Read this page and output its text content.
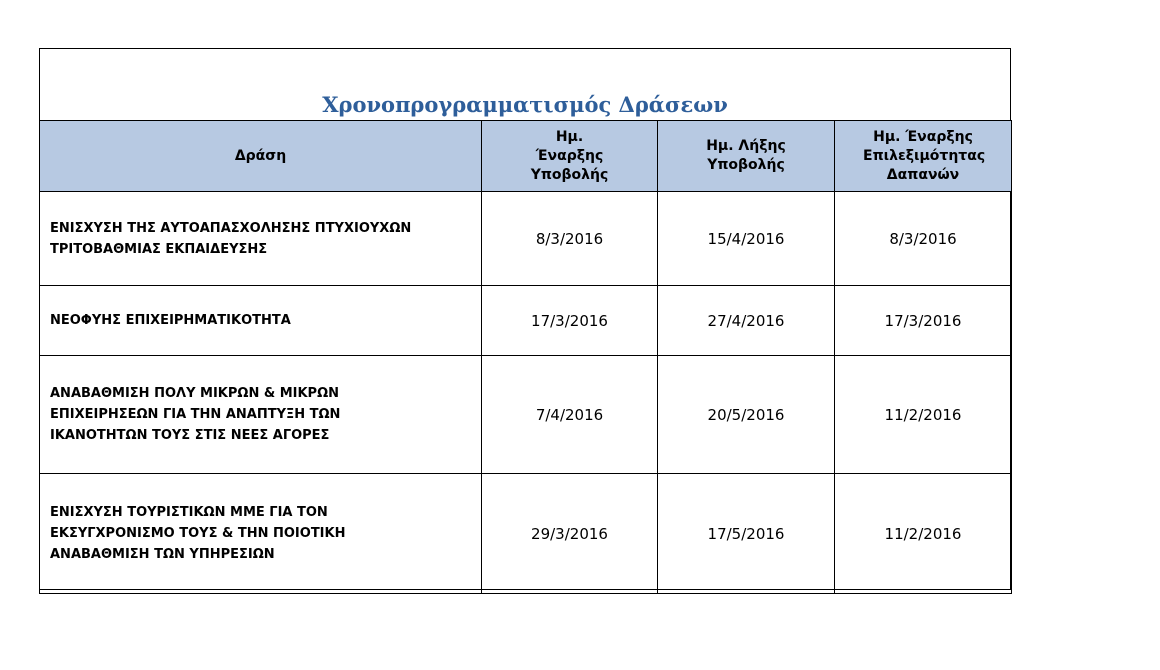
Χρονοπρογραμματισμός Δράσεων
Δράση	Ημ. Έναρξης Υποβολής	Ημ. Λήξης Υποβολής	Ημ. Έναρξης Επιλεξιμότητας Δαπανών

ΕΝΙΣΧΥΣΗ ΤΗΣ ΑΥΤΟΑΠΑΣΧΟΛΗΣΗΣ ΠΤΥΧΙΟΥΧΩΝ ΤΡΙΤΟΒΑΘΜΙΑΣ ΕΚΠΑΙΔΕΥΣΗΣ	8/3/2016	15/4/2016	8/3/2016

ΝΕΟΦΥΗΣ ΕΠΙΧΕΙΡΗΜΑΤΙΚΟΤΗΤΑ	17/3/2016	27/4/2016	17/3/2016

ΑΝΑΒΑΘΜΙΣΗ ΠΟΛΥ ΜΙΚΡΩΝ & ΜΙΚΡΩΝ ΕΠΙΧΕΙΡΗΣΕΩΝ ΓΙΑ ΤΗΝ ΑΝΑΠΤΥΞΗ ΤΩΝ ΙΚΑΝΟΤΗΤΩΝ ΤΟΥΣ ΣΤΙΣ ΝΕΕΣ ΑΓΟΡΕΣ	7/4/2016	20/5/2016	11/2/2016

ΕΝΙΣΧΥΣΗ ΤΟΥΡΙΣΤΙΚΩΝ ΜΜΕ ΓΙΑ ΤΟΝ ΕΚΣΥΓΧΡΟΝΙΣΜΟ ΤΟΥΣ & ΤΗΝ ΠΟΙΟΤΙΚΗ ΑΝΑΒΑΘΜΙΣΗ ΤΩΝ ΥΠΗΡΕΣΙΩΝ	29/3/2016	17/5/2016	11/2/2016
